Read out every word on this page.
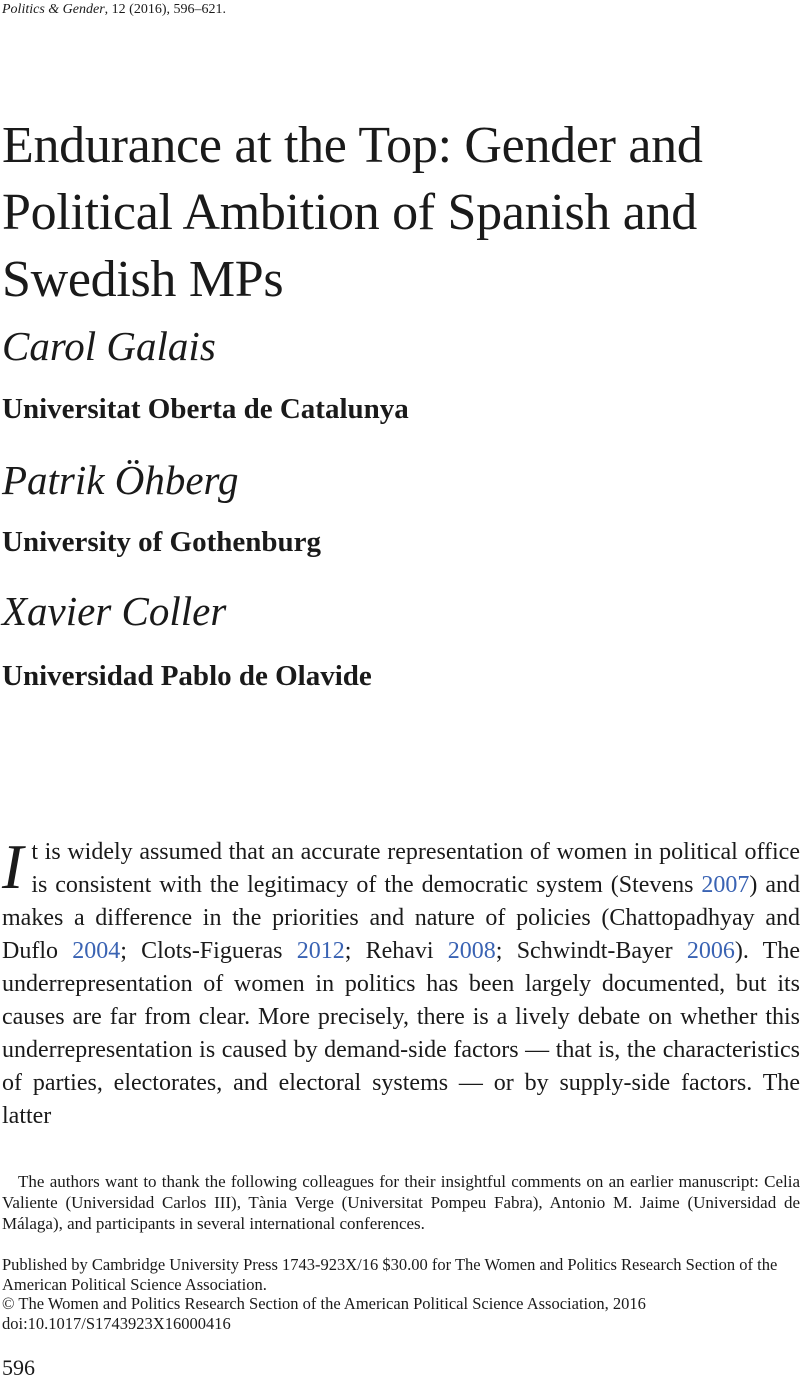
Politics & Gender, 12 (2016), 596–621.
Endurance at the Top: Gender and Political Ambition of Spanish and Swedish MPs
Carol Galais
Universitat Oberta de Catalunya
Patrik Öhberg
University of Gothenburg
Xavier Coller
Universidad Pablo de Olavide

It is widely assumed that an accurate representation of women in political office is consistent with the legitimacy of the democratic system (Stevens 2007) and makes a difference in the priorities and nature of policies (Chattopadhyay and Duflo 2004; Clots-Figueras 2012; Rehavi 2008; Schwindt-Bayer 2006). The underrepresentation of women in politics has been largely documented, but its causes are far from clear. More precisely, there is a lively debate on whether this underrepresentation is caused by demand-side factors — that is, the characteristics of parties, electorates, and electoral systems — or by supply-side factors. The latter

The authors want to thank the following colleagues for their insightful comments on an earlier manuscript: Celia Valiente (Universidad Carlos III), Tània Verge (Universitat Pompeu Fabra), Antonio M. Jaime (Universidad de Málaga), and participants in several international conferences.

Published by Cambridge University Press 1743-923X/16 $30.00 for The Women and Politics Research Section of the American Political Science Association.
© The Women and Politics Research Section of the American Political Science Association, 2016
doi:10.1017/S1743923X16000416
596
